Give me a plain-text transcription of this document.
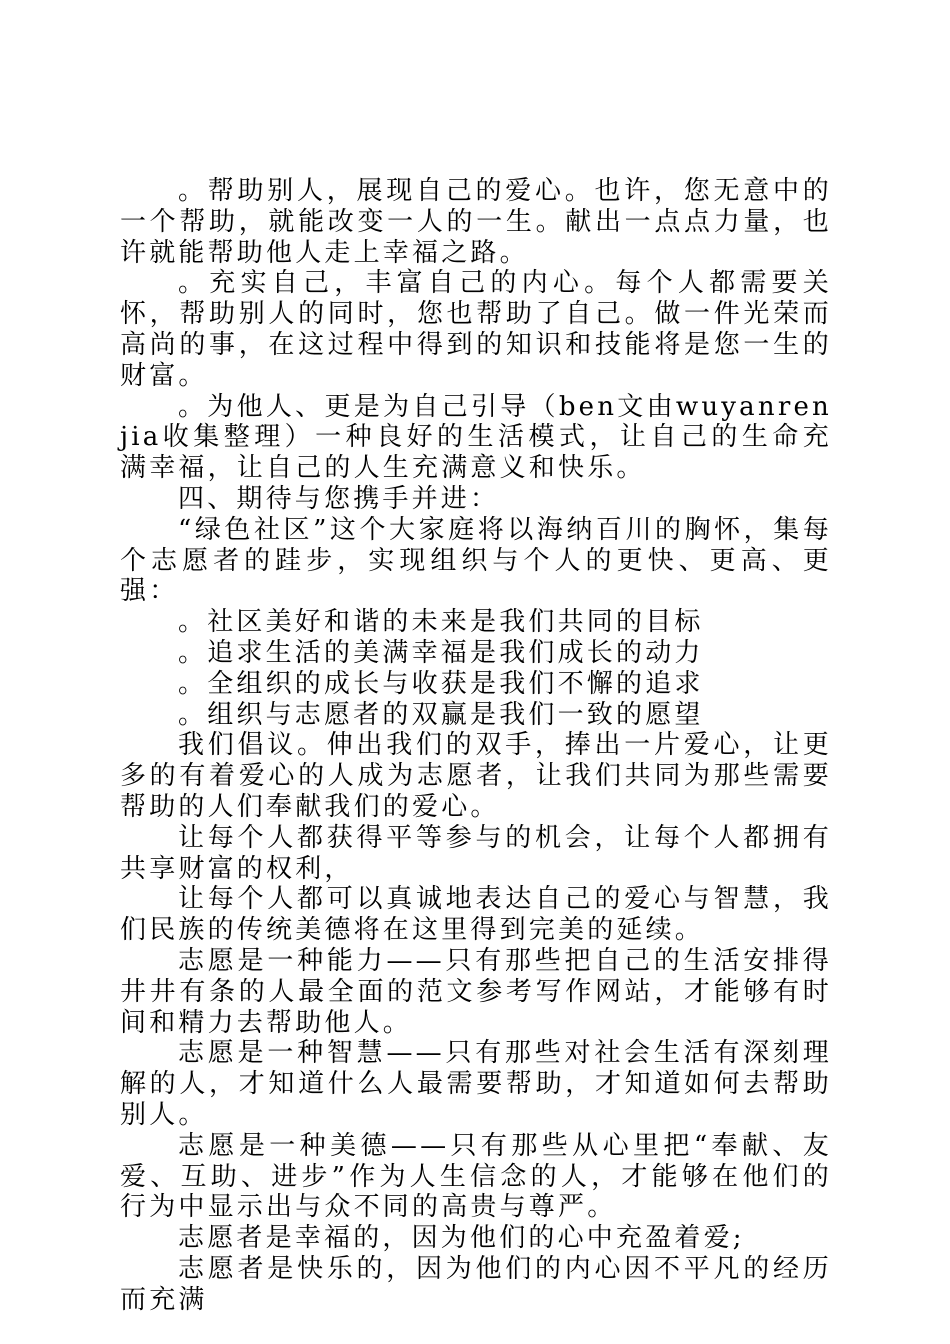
。帮助别人，展现自己的爱心。也许，您无意中的一个帮助，就能改变一人的一生。献出一点点力量，也许就能帮助他人走上幸福之路。

。充实自己，丰富自己的内心。每个人都需要关怀，帮助别人的同时，您也帮助了自己。做一件光荣而高尚的事，在这过程中得到的知识和技能将是您一生的财富。

。为他人、更是为自己引导（ben文由wuyanrenjia收集整理）一种良好的生活模式，让自己的生命充满幸福，让自己的人生充满意义和快乐。

四、期待与您携手并进：

“绿色社区”这个大家庭将以海纳百川的胸怀，集每个志愿者的跬步，实现组织与个人的更快、更高、更强：

。社区美好和谐的未来是我们共同的目标

。追求生活的美满幸福是我们成长的动力

。全组织的成长与收获是我们不懈的追求

。组织与志愿者的双赢是我们一致的愿望

我们倡议。伸出我们的双手，捧出一片爱心，让更多的有着爱心的人成为志愿者，让我们共同为那些需要帮助的人们奉献我们的爱心。

让每个人都获得平等参与的机会，让每个人都拥有共享财富的权利，

让每个人都可以真诚地表达自己的爱心与智慧，我们民族的传统美德将在这里得到完美的延续。

志愿是一种能力——只有那些把自己的生活安排得井井有条的人最全面的范文参考写作网站，才能够有时间和精力去帮助他人。

志愿是一种智慧——只有那些对社会生活有深刻理解的人，才知道什么人最需要帮助，才知道如何去帮助别人。

志愿是一种美德——只有那些从心里把“奉献、友爱、互助、进步”作为人生信念的人，才能够在他们的行为中显示出与众不同的高贵与尊严。

志愿者是幸福的，因为他们的心中充盈着爱;

志愿者是快乐的，因为他们的内心因不平凡的经历而充满
